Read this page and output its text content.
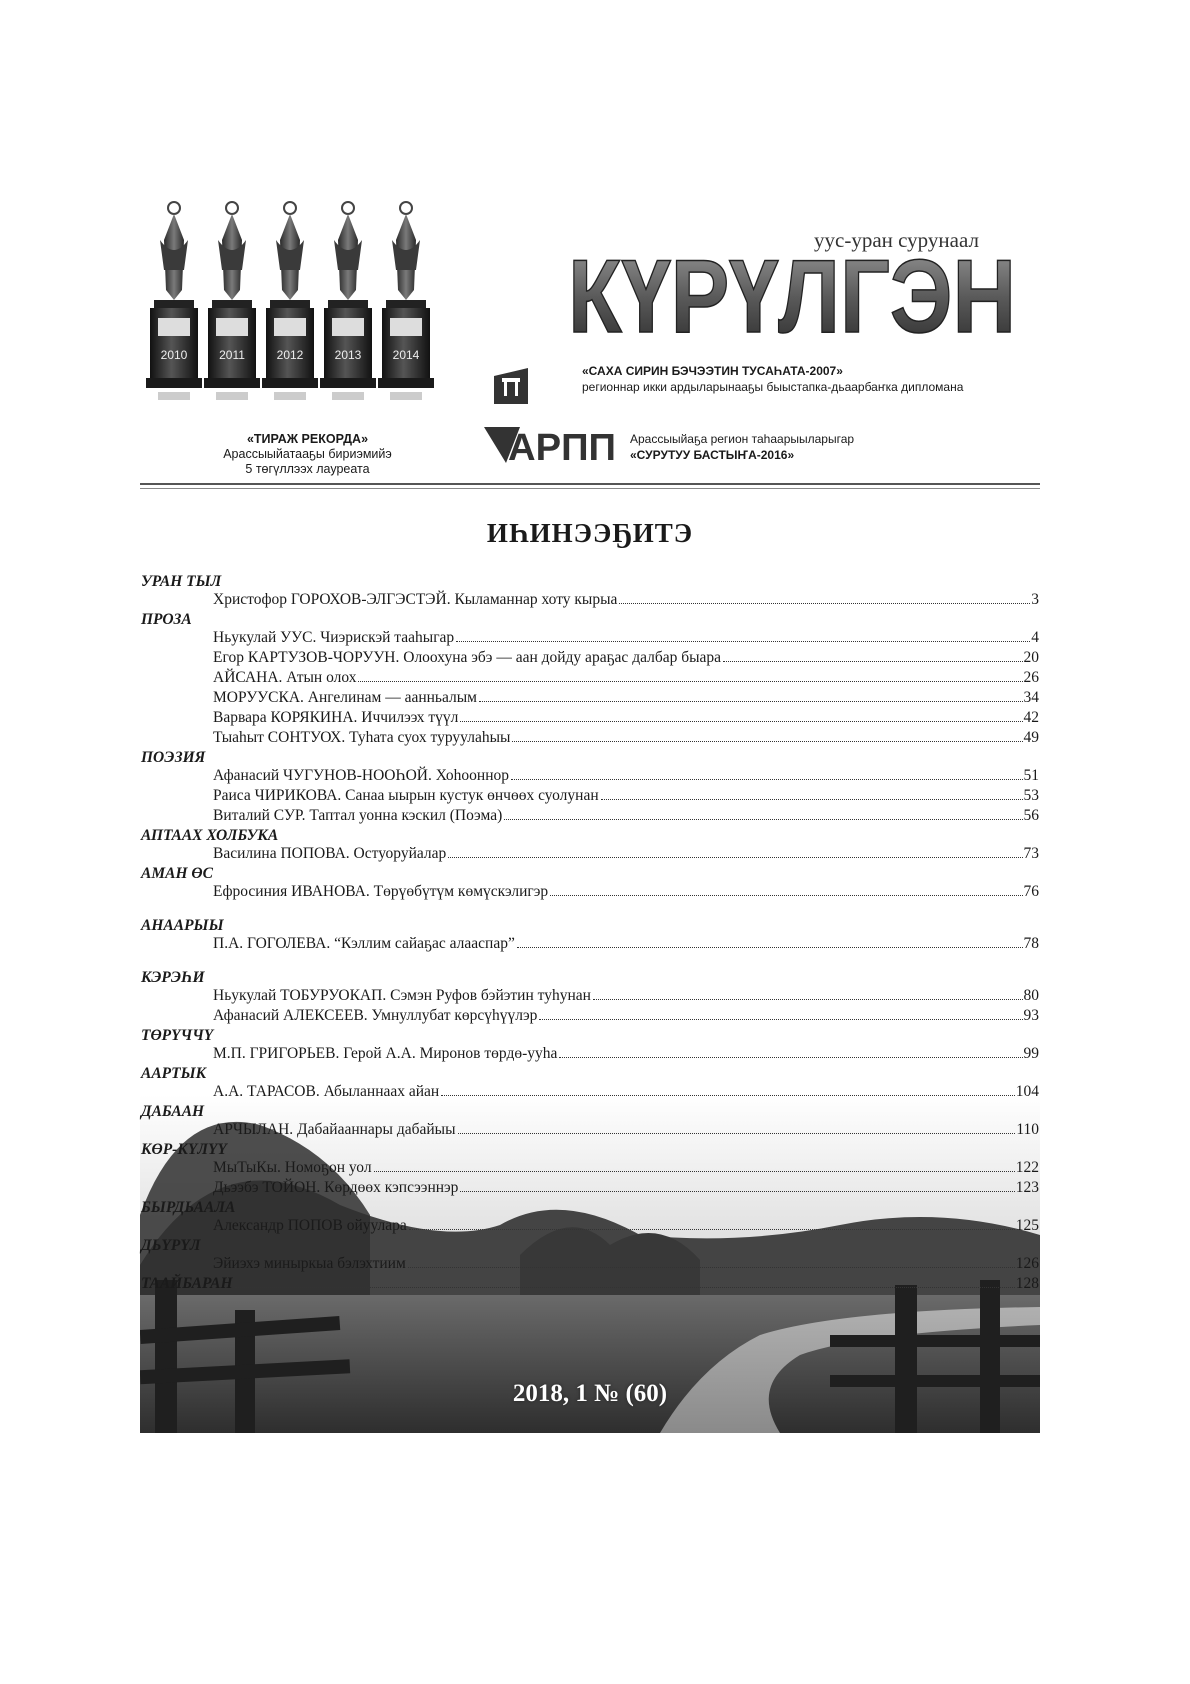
2010	2011	2012	2013	2014
«ТИРАЖ РЕКОРДА»
Арассыыйатааҕы бириэмийэ
5 төгүллээх лауреата
уус-уран сурунаал
КҮРҮЛГЭН
«САХА СИРИН БЭЧЭЭТИН ТУСАҺАТА-2007»
регионнар икки ардыларынааҕы быыстапка-дьаарбаҥка дипломана
АРПП Арассыыйаҕа регион таһаарыыларыгар
«СУРУТУУ БАСТЫҤА-2016»
ИҺИНЭЭҔИТЭ
УРАН ТЫЛ
Христофор ГОРОХОВ-ЭЛГЭСТЭЙ. Кыламаннар хоту кырыа	3
ПРОЗА
Ньукулай УУС. Чиэрискэй тааһыгар	4
Егор КАРТУЗОВ-ЧОРУУН. Олоохуна эбэ — аан дойду араҕас далбар быара	20
АЙСАНА. Атын олох	26
МОРУУСКА. Ангелинам — аанньалым	34
Варвара КОРЯКИНА. Иччилээх түүл	42
Тыаһыт СОНТУОХ. Туһата суох туруулаһыы	49
ПОЭЗИЯ
Афанасий ЧУГУНОВ-НООҺОЙ. Хоһооннор	51
Раиса ЧИРИКОВА. Санаа ыырын кустук өнчөөх суолунан	53
Виталий СУР. Таптал уонна кэскил (Поэма)	56
АПТААХ ХОЛБУКА
Василина ПОПОВА. Остуоруйалар	73
АМАН ӨС
Ефросиния ИВАНОВА. Төрүөбүтүм көмүскэлигэр	76
АНААРЫЫ
П.А. ГОГОЛЕВА. “Кэллим сайаҕас алааспар”	78
КЭРЭҺИ
Ньукулай ТОБУРУОКАП. Сэмэн Руфов бэйэтин туһунан	80
Афанасий АЛЕКСЕЕВ. Умнуллубат көрсүһүүлэр	93
ТӨРҮЧЧҮ
М.П. ГРИГОРЬЕВ. Герой А.А. Миронов төрдө-ууһа	99
ААРТЫК
А.А. ТАРАСОВ. Абыланнаах айан	104
ДАБААН
АРЧЫЛАН. Дабайааннары дабайыы	110
КӨР-КҮЛҮҮ
МыТыКы. Номоҕон уол	122
Дьээбэ ТОЙОН. Көрдөөх кэпсээннэр	123
БЫРДЬААЛА
Александр ПОПОВ ойуулара	125
ДЬҮРҮЛ
Эйиэхэ миныркыа бэлэхтиим	126
ТААЙБАРАН	128
2018, 1 № (60)
